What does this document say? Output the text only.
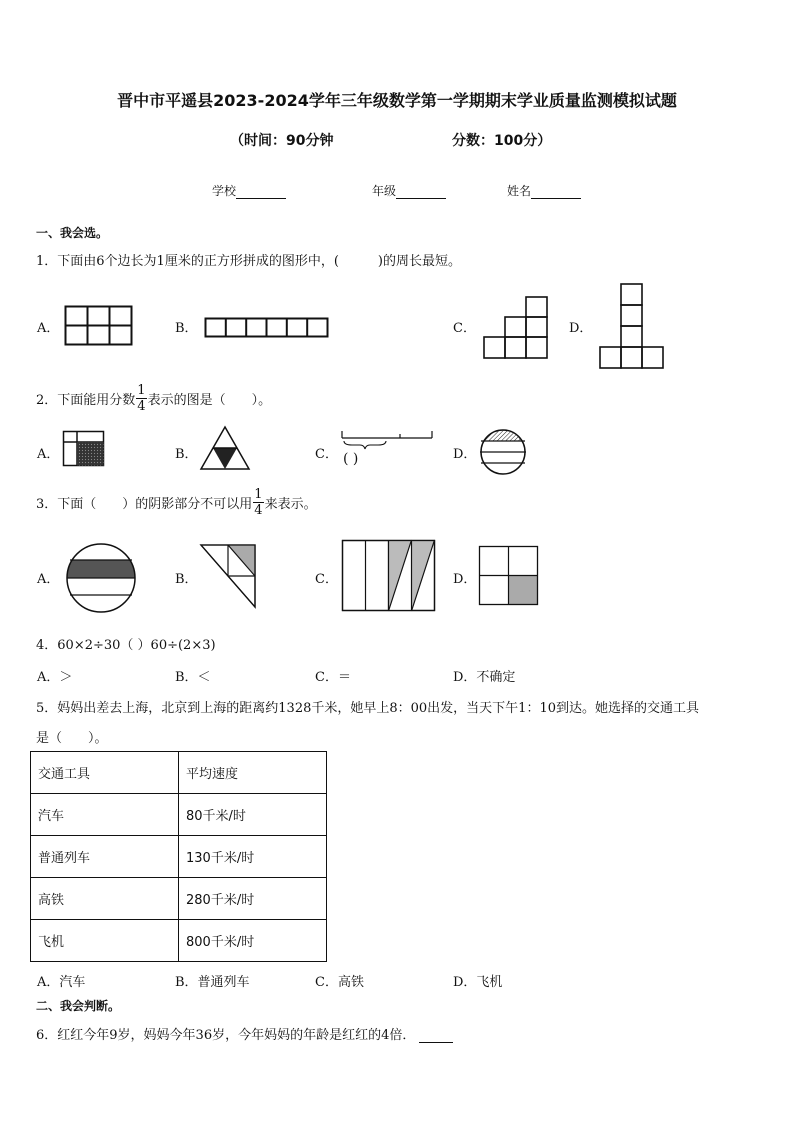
晋中市平遥县2023-2024学年三年级数学第一学期期末学业质量监测模拟试题
（时间：90分钟	分数：100分）
学校	年级	姓名
一、我会选。
1．下面由6个边长为1厘米的正方形拼成的图形中，(　　　)的周长最短。
A．	B．	C．	D．
2．下面能用分数 $\frac{1}{4}$ 表示的图是（　　）。
A．	B．	C．	D．
( )
3．下面（　　）的阴影部分不可以用 $\frac{1}{4}$ 来表示。
A．	B．	C．	D．
4．60×2÷30（ ）60÷(2×3)
A．＞	B．＜	C．＝	D．不确定
5．妈妈出差去上海，北京到上海的距离约1328千米，她早上8：00出发，当天下午1：10到达。她选择的交通工具
是（　　）。
交通工具	平均速度
汽车	80千米/时
普通列车	130千米/时
高铁	280千米/时
飞机	800千米/时
A．汽车	B．普通列车	C．高铁	D．飞机
二、我会判断。
6．红红今年9岁，妈妈今年36岁，今年妈妈的年龄是红红的4倍．
